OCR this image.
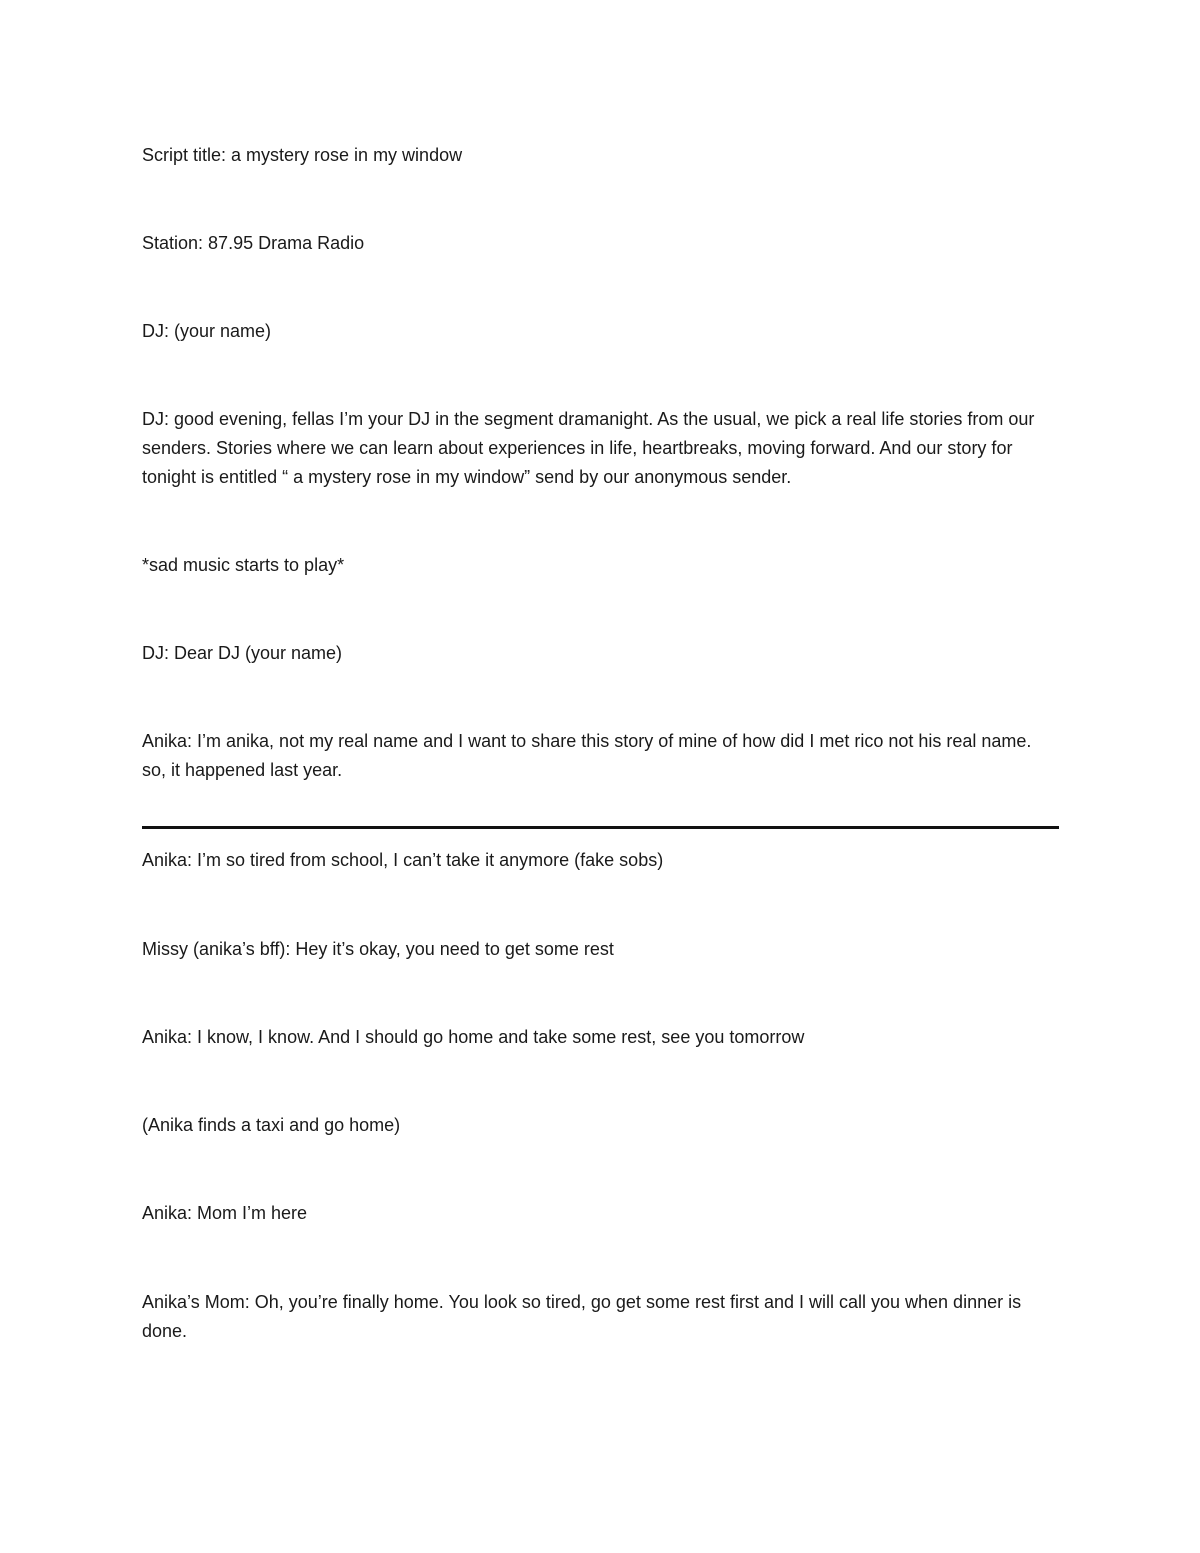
Script title: a mystery rose in my window

Station: 87.95 Drama Radio

DJ: (your name)

DJ: good evening, fellas I’m your DJ in the segment dramanight. As the usual, we pick a real life stories from our senders. Stories where we can learn about experiences in life, heartbreaks, moving forward. And our story for tonight is entitled “ a mystery rose in my window” send by our anonymous sender.

*sad music starts to play*

DJ: Dear DJ (your name)

Anika: I’m anika, not my real name and I want to share this story of mine of how did I met rico not his real name. so, it happened last year.

Anika: I’m so tired from school, I can’t take it anymore (fake sobs)

Missy (anika’s bff): Hey it’s okay, you need to get some rest

Anika: I know, I know. And I should go home and take some rest, see you tomorrow

(Anika finds a taxi and go home)

Anika: Mom I’m here

Anika’s Mom: Oh, you’re finally home. You look so tired, go get some rest first and I will call you when dinner is done.
